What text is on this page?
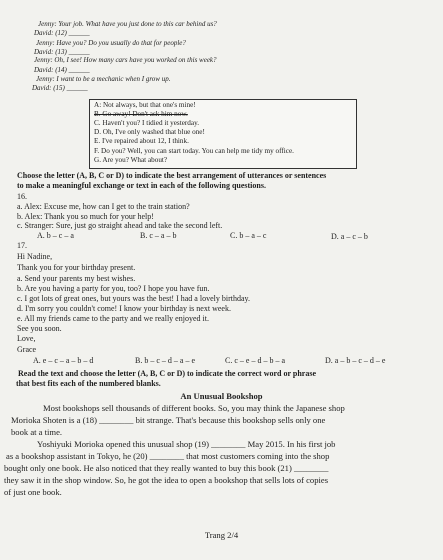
Jenny: Your job. What have you just done to this car behind us?
David: (12) ______
Jenny: Have you? Do you usually do that for people?
David: (13) ______
Jenny: Oh, I see! How many cars have you worked on this week?
David: (14) ______
Jenny: I want to be a mechanic when I grow up.
David: (15) ______
A: Not always, but that one's mine!
B. Go away! Don't ask him now.
C. Haven't you? I tidied it yesterday.
D. Oh, I've only washed that blue one!
E. I've repaired about 12, I think.
F. Do you? Well, you can start today. You can help me tidy my office.
G. Are you? What about?
Choose the letter (A, B, C or D) to indicate the best arrangement of utterances or sentences
to make a meaningful exchange or text in each of the following questions.
16.
a. Alex: Excuse me, how can I get to the train station?
b. Alex: Thank you so much for your help!
c. Stranger: Sure, just go straight ahead and take the second left.
A. b – c – a	B. c – a – b	C. b – a – c	D. a – c – b
17.
Hi Nadine,
Thank you for your birthday present.
a. Send your parents my best wishes.
b. Are you having a party for you, too? I hope you have fun.
c. I got lots of great ones, but yours was the best! I had a lovely birthday.
d. I'm sorry you couldn't come! I know your birthday is next week.
e. All my friends came to the party and we really enjoyed it.
See you soon.
Love,
Grace
A. e – c – a – b – d	B. b – c – d – a – e	C. c – e – d – b – a	D. a – b – c – d – e
Read the text and choose the letter (A, B, C or D) to indicate the correct word or phrase
that best fits each of the numbered blanks.
An Unusual Bookshop
Most bookshops sell thousands of different books. So, you may think the Japanese shop
Morioka Shoten is a (18) ________ bit strange. That's because this bookshop sells only one
book at a time.
Yoshiyuki Morioka opened this unusual shop (19) ________ May 2015. In his first job
as a bookshop assistant in Tokyo, he (20) ________ that most customers coming into the shop
bought only one book. He also noticed that they really wanted to buy this book (21) ________
they saw it in the shop window. So, he got the idea to open a bookshop that sells lots of copies
of just one book.
Trang 2/4
